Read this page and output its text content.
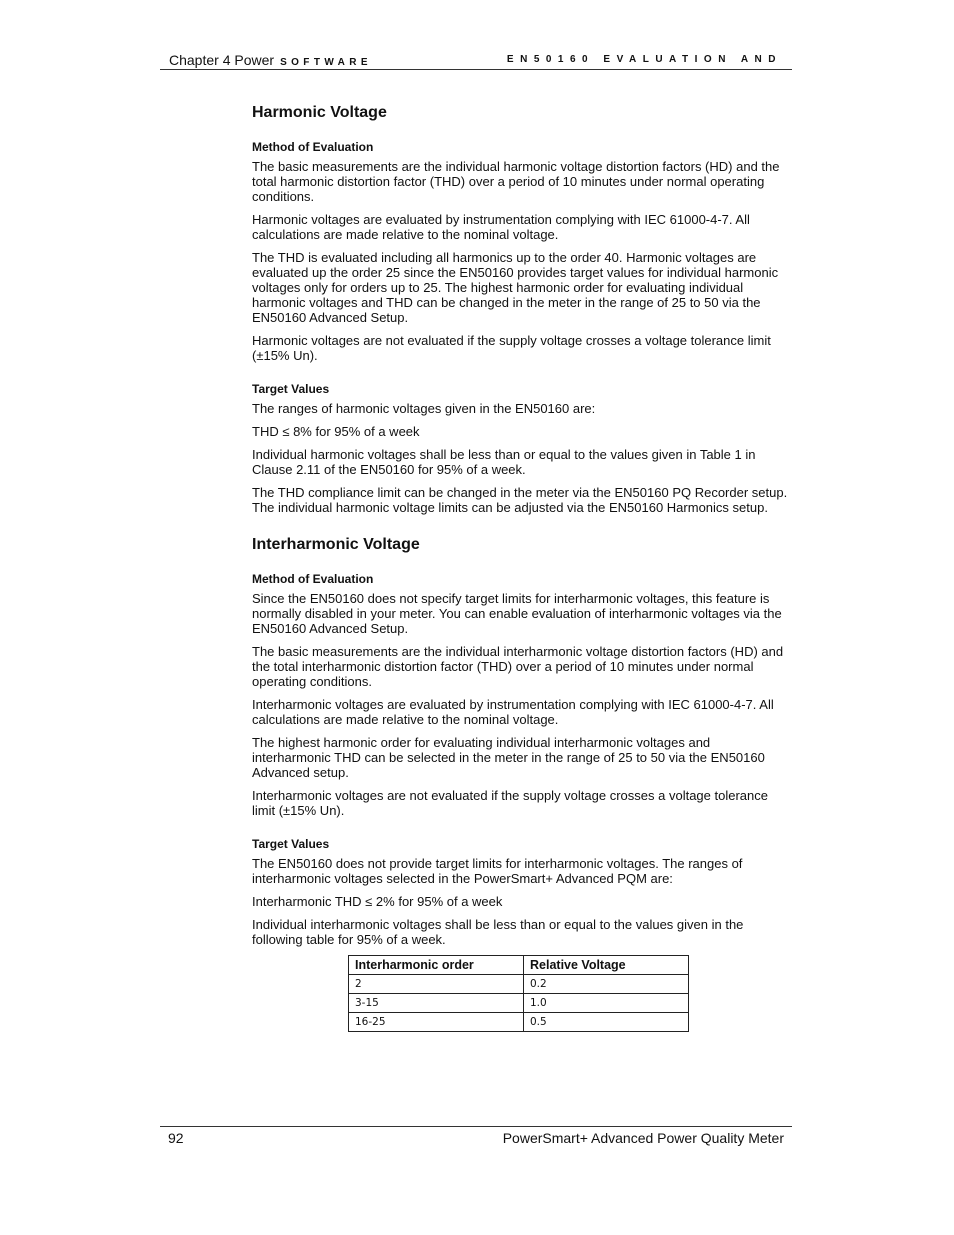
Chapter 4 Power SOFTWARE	EN50160 EVALUATION AND
Harmonic Voltage
Method of Evaluation

The basic measurements are the individual harmonic voltage distortion factors (HD) and the total harmonic distortion factor (THD) over a period of 10 minutes under normal operating conditions.

Harmonic voltages are evaluated by instrumentation complying with IEC 61000-4-7. All calculations are made relative to the nominal voltage.

The THD is evaluated including all harmonics up to the order 40. Harmonic voltages are evaluated up the order 25 since the EN50160 provides target values for individual harmonic voltages only for orders up to 25. The highest harmonic order for evaluating individual harmonic voltages and THD can be changed in the meter in the range of 25 to 50 via the EN50160 Advanced Setup.

Harmonic voltages are not evaluated if the supply voltage crosses a voltage tolerance limit (±15% Un).

Target Values

The ranges of harmonic voltages given in the EN50160 are:

THD ≤ 8% for 95% of a week

Individual harmonic voltages shall be less than or equal to the values given in Table 1 in Clause 2.11 of the EN50160 for 95% of a week.

The THD compliance limit can be changed in the meter via the EN50160 PQ Recorder setup. The individual harmonic voltage limits can be adjusted via the EN50160 Harmonics setup.

Interharmonic Voltage
Method of Evaluation

Since the EN50160 does not specify target limits for interharmonic voltages, this feature is normally disabled in your meter. You can enable evaluation of interharmonic voltages via the EN50160 Advanced Setup.

The basic measurements are the individual interharmonic voltage distortion factors (HD) and the total interharmonic distortion factor (THD) over a period of 10 minutes under normal operating conditions.

Interharmonic voltages are evaluated by instrumentation complying with IEC 61000-4-7. All calculations are made relative to the nominal voltage.

The highest harmonic order for evaluating individual interharmonic voltages and interharmonic THD can be selected in the meter in the range of 25 to 50 via the EN50160 Advanced setup.

Interharmonic voltages are not evaluated if the supply voltage crosses a voltage tolerance limit (±15% Un).

Target Values

The EN50160 does not provide target limits for interharmonic voltages. The ranges of interharmonic voltages selected in the PowerSmart+ Advanced PQM are:

Interharmonic THD ≤ 2% for 95% of a week

Individual interharmonic voltages shall be less than or equal to the values given in the following table for 95% of a week.

Interharmonic order	Relative Voltage
2	0.2
3-15	1.0
16-25	0.5
92	PowerSmart+ Advanced Power Quality Meter
